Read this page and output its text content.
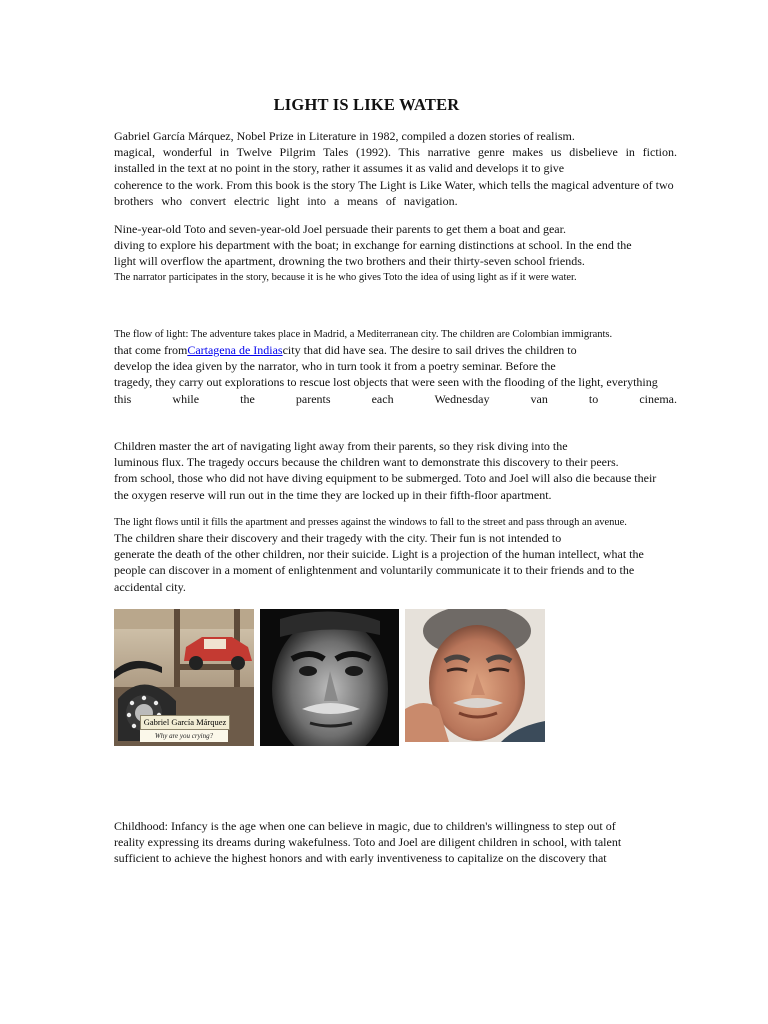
LIGHT IS LIKE WATER
Gabriel García Márquez, Nobel Prize in Literature in 1982, compiled a dozen stories of realism.
magical, wonderful in Twelve Pilgrim Tales (1992). This narrative genre makes us disbelieve in fiction.
installed in the text at no point in the story, rather it assumes it as valid and develops it to give
coherence to the work. From this book is the story The Light is Like Water, which tells the magical adventure of two
brothers who convert electric light into a means of navigation.
Nine-year-old Toto and seven-year-old Joel persuade their parents to get them a boat and gear.
diving to explore his department with the boat; in exchange for earning distinctions at school. In the end the
light will overflow the apartment, drowning the two brothers and their thirty-seven school friends.
The narrator participates in the story, because it is he who gives Toto the idea of using light as if it were water.
The flow of light: The adventure takes place in Madrid, a Mediterranean city. The children are Colombian immigrants.
that come fromCartagena de Indiascity that did have sea. The desire to sail drives the children to
develop the idea given by the narrator, who in turn took it from a poetry seminar. Before the
tragedy, they carry out explorations to rescue lost objects that were seen with the flooding of the light, everything
this while the parents each Wednesday van to cinema.
Children master the art of navigating light away from their parents, so they risk diving into the
luminous flux. The tragedy occurs because the children want to demonstrate this discovery to their peers.
from school, those who did not have diving equipment to be submerged. Toto and Joel will also die because their
the oxygen reserve will run out in the time they are locked up in their fifth-floor apartment.
The light flows until it fills the apartment and presses against the windows to fall to the street and pass through an avenue.
The children share their discovery and their tragedy with the city. Their fun is not intended to
generate the death of the other children, nor their suicide. Light is a projection of the human intellect, what the
people can discover in a moment of enlightenment and voluntarily communicate it to their friends and to the
accidental city.
Gabriel García Márquez
Why are you crying?
Childhood: Infancy is the age when one can believe in magic, due to children's willingness to step out of
reality expressing its dreams during wakefulness. Toto and Joel are diligent children in school, with talent
sufficient to achieve the highest honors and with early inventiveness to capitalize on the discovery that
